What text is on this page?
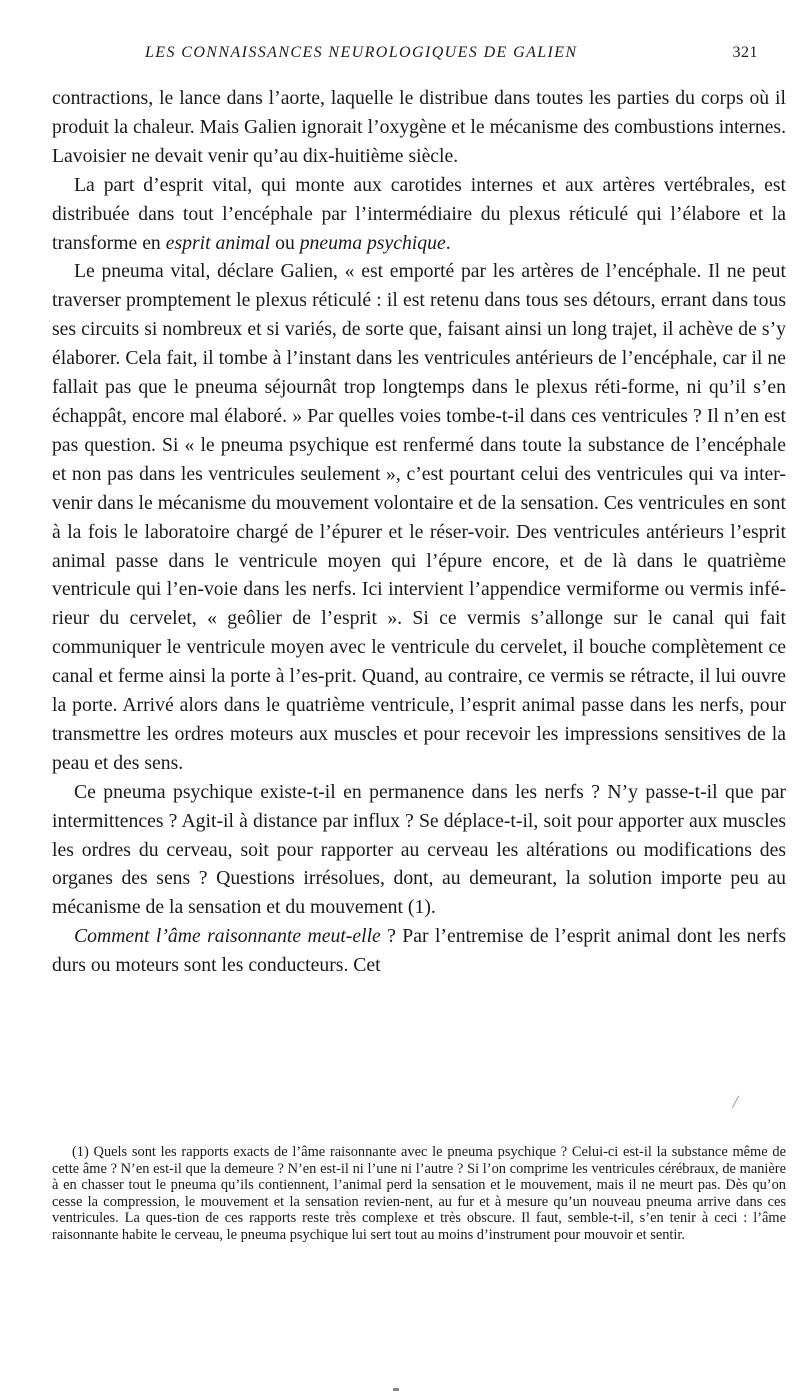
LES CONNAISSANCES NEUROLOGIQUES DE GALIEN	321

contractions, le lance dans l’aorte, laquelle le distribue dans toutes les parties du corps où il produit la chaleur. Mais Galien ignorait l’oxygène et le mécanisme des combustions internes. Lavoisier ne devait venir qu’au dix-huitième siècle.

La part d’esprit vital, qui monte aux carotides internes et aux artères vertébrales, est distribuée dans tout l’encéphale par l’intermédiaire du plexus réticulé qui l’élabore et la transforme en esprit animal ou pneuma psychique.

Le pneuma vital, déclare Galien, « est emporté par les artères de l’encéphale. Il ne peut traverser promptement le plexus réticulé : il est retenu dans tous ses détours, errant dans tous ses circuits si nombreux et si variés, de sorte que, faisant ainsi un long trajet, il achève de s’y élaborer. Cela fait, il tombe à l’instant dans les ventricules antérieurs de l’encéphale, car il ne fallait pas que le pneuma séjournât trop longtemps dans le plexus réti-forme, ni qu’il s’en échappât, encore mal élaboré. » Par quelles voies tombe-t-il dans ces ventricules ? Il n’en est pas question. Si « le pneuma psychique est renfermé dans toute la substance de l’encéphale et non pas dans les ventricules seulement », c’est pourtant celui des ventricules qui va inter-venir dans le mécanisme du mouvement volontaire et de la sensation. Ces ventricules en sont à la fois le laboratoire chargé de l’épurer et le réser-voir. Des ventricules antérieurs l’esprit animal passe dans le ventricule moyen qui l’épure encore, et de là dans le quatrième ventricule qui l’en-voie dans les nerfs. Ici intervient l’appendice vermiforme ou vermis infé-rieur du cervelet, « geôlier de l’esprit ». Si ce vermis s’allonge sur le canal qui fait communiquer le ventricule moyen avec le ventricule du cervelet, il bouche complètement ce canal et ferme ainsi la porte à l’es-prit. Quand, au contraire, ce vermis se rétracte, il lui ouvre la porte. Arrivé alors dans le quatrième ventricule, l’esprit animal passe dans les nerfs, pour transmettre les ordres moteurs aux muscles et pour recevoir les impressions sensitives de la peau et des sens.

Ce pneuma psychique existe-t-il en permanence dans les nerfs ? N’y passe-t-il que par intermittences ? Agit-il à distance par influx ? Se déplace-t-il, soit pour apporter aux muscles les ordres du cerveau, soit pour rapporter au cerveau les altérations ou modifications des organes des sens ? Questions irrésolues, dont, au demeurant, la solution importe peu au mécanisme de la sensation et du mouvement (1).

Comment l’âme raisonnante meut-elle ? Par l’entremise de l’esprit animal dont les nerfs durs ou moteurs sont les conducteurs. Cet

(1) Quels sont les rapports exacts de l’âme raisonnante avec le pneuma psychique ? Celui-ci est-il la substance même de cette âme ? N’en est-il que la demeure ? N’en est-il ni l’une ni l’autre ? Si l’on comprime les ventricules cérébraux, de manière à en chasser tout le pneuma qu’ils contiennent, l’animal perd la sensation et le mouvement, mais il ne meurt pas. Dès qu’on cesse la compression, le mouvement et la sensation revien-nent, au fur et à mesure qu’un nouveau pneuma arrive dans ces ventricules. La ques-tion de ces rapports reste très complexe et très obscure. Il faut, semble-t-il, s’en tenir à ceci : l’âme raisonnante habite le cerveau, le pneuma psychique lui sert tout au moins d’instrument pour mouvoir et sentir.
